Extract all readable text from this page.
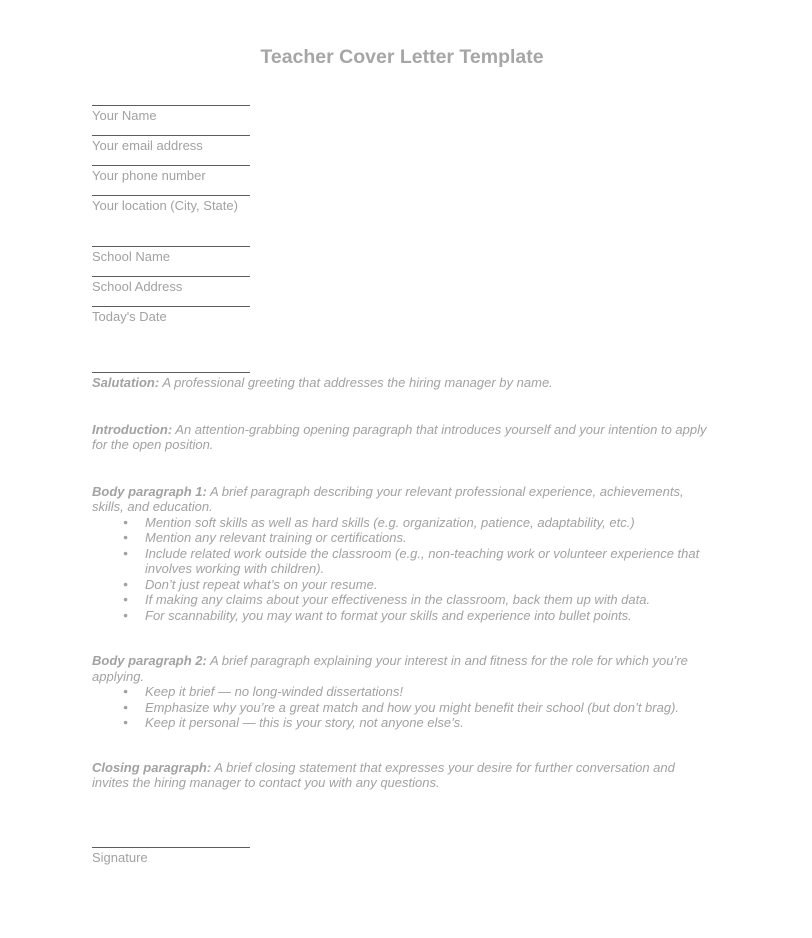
Teacher Cover Letter Template
Your Name
Your email address
Your phone number
Your location (City, State)
School Name
School Address
Today's Date

Salutation: A professional greeting that addresses the hiring manager by name.

Introduction: An attention-grabbing opening paragraph that introduces yourself and your intention to apply for the open position.

Body paragraph 1: A brief paragraph describing your relevant professional experience, achievements, skills, and education.

●	Mention soft skills as well as hard skills (e.g. organization, patience, adaptability, etc.)
●	Mention any relevant training or certifications.
●	Include related work outside the classroom (e.g., non-teaching work or volunteer experience that involves working with children).
●	Don’t just repeat what’s on your resume.
●	If making any claims about your effectiveness in the classroom, back them up with data.
●	For scannability, you may want to format your skills and experience into bullet points.

Body paragraph 2: A brief paragraph explaining your interest in and fitness for the role for which you’re applying.

●	Keep it brief — no long-winded dissertations!
●	Emphasize why you’re a great match and how you might benefit their school (but don’t brag).
●	Keep it personal — this is your story, not anyone else’s.

Closing paragraph: A brief closing statement that expresses your desire for further conversation and invites the hiring manager to contact you with any questions.

Signature
